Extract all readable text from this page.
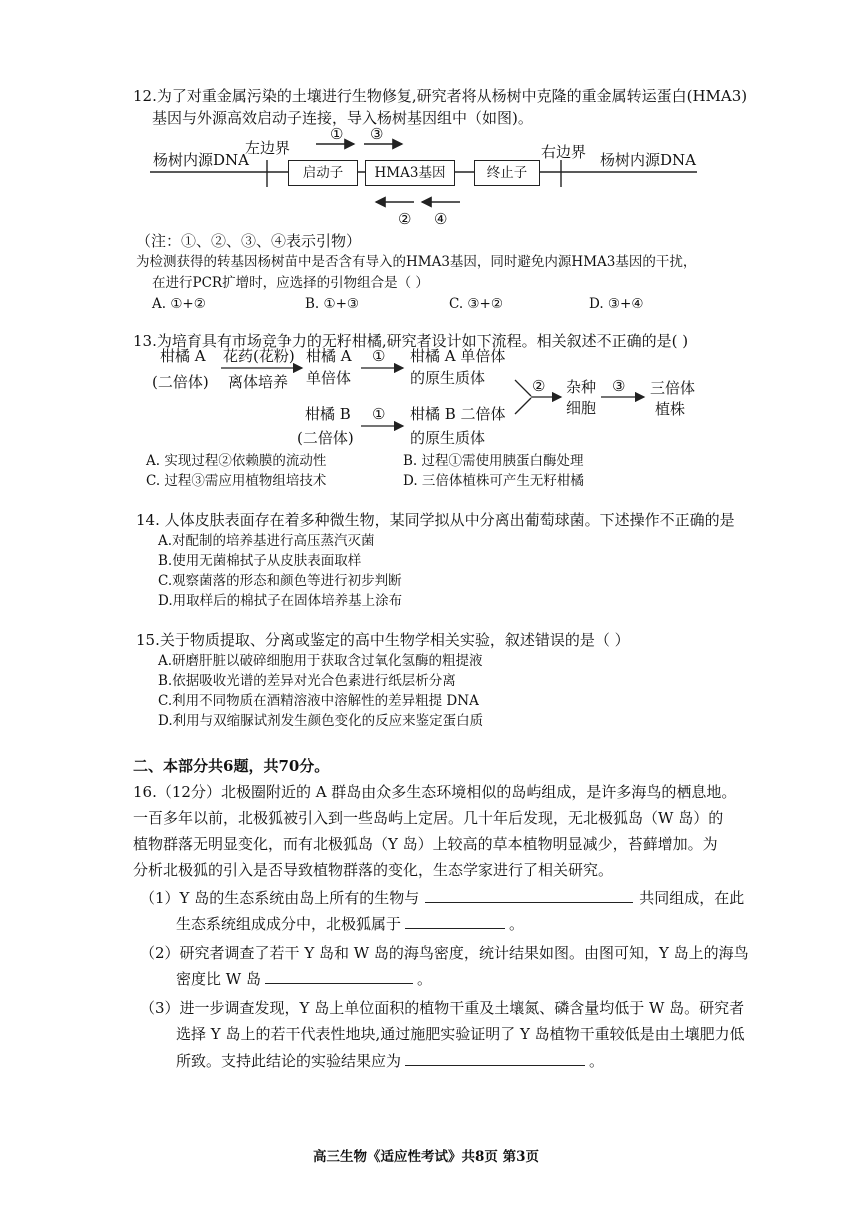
12.为了对重金属污染的土壤进行生物修复,研究者将从杨树中克隆的重金属转运蛋白(HMA3)
基因与外源高效启动子连接，导入杨树基因组中（如图)。
左边界	右边界
杨树内源DNA	杨树内源DNA
启动子	HMA3基因	终止子
① ③
② ④
（注：①、②、③、④表示引物）
为检测获得的转基因杨树苗中是否含有导入的HMA3基因，同时避免内源HMA3基因的干扰，
在进行PCR扩增时，应选择的引物组合是（ ）
A. ①+②	B. ①+③	C. ③+②	D. ③+④
13.为培育具有市场竞争力的无籽柑橘,研究者设计如下流程。相关叙述不正确的是( )
柑橘 A
(二倍体)
花药(花粉)
离体培养
柑橘 A
单倍体
① 柑橘 A 单倍体
的原生质体	② 杂种
细胞
③ 三倍体
植株
柑橘 B
(二倍体)
① 柑橘 B 二倍体
的原生质体
A. 实现过程②依赖膜的流动性	B. 过程①需使用胰蛋白酶处理
C. 过程③需应用植物组培技术	D. 三倍体植株可产生无籽柑橘
14. 人体皮肤表面存在着多种微生物，某同学拟从中分离出葡萄球菌。下述操作不正确的是
A.对配制的培养基进行高压蒸汽灭菌
B.使用无菌棉拭子从皮肤表面取样
C.观察菌落的形态和颜色等进行初步判断
D.用取样后的棉拭子在固体培养基上涂布
15.关于物质提取、分离或鉴定的高中生物学相关实验，叙述错误的是（ ）
A.研磨肝脏以破碎细胞用于获取含过氧化氢酶的粗提液
B.依据吸收光谱的差异对光合色素进行纸层析分离
C.利用不同物质在酒精溶液中溶解性的差异粗提 DNA
D.利用与双缩脲试剂发生颜色变化的反应来鉴定蛋白质
二、本部分共6题，共70分。
16.（12分）北极圈附近的 A 群岛由众多生态环境相似的岛屿组成，是许多海鸟的栖息地。
一百多年以前，北极狐被引入到一些岛屿上定居。几十年后发现，无北极狐岛（W 岛）的
植物群落无明显变化，而有北极狐岛（Y 岛）上较高的草本植物明显减少，苔藓增加。为
分析北极狐的引入是否导致植物群落的变化，生态学家进行了相关研究。
（1）Y 岛的生态系统由岛上所有的生物与	共同组成，在此
生态系统组成成分中，北极狐属于	。
（2）研究者调查了若干 Y 岛和 W 岛的海鸟密度，统计结果如图。由图可知，Y 岛上的海鸟
密度比 W 岛	。
（3）进一步调查发现，Y 岛上单位面积的植物干重及土壤氮、磷含量均低于 W 岛。研究者
选择 Y 岛上的若干代表性地块,通过施肥实验证明了 Y 岛植物干重较低是由土壤肥力低
所致。支持此结论的实验结果应为	。
高三生物《适应性考试》共8页 第3页
